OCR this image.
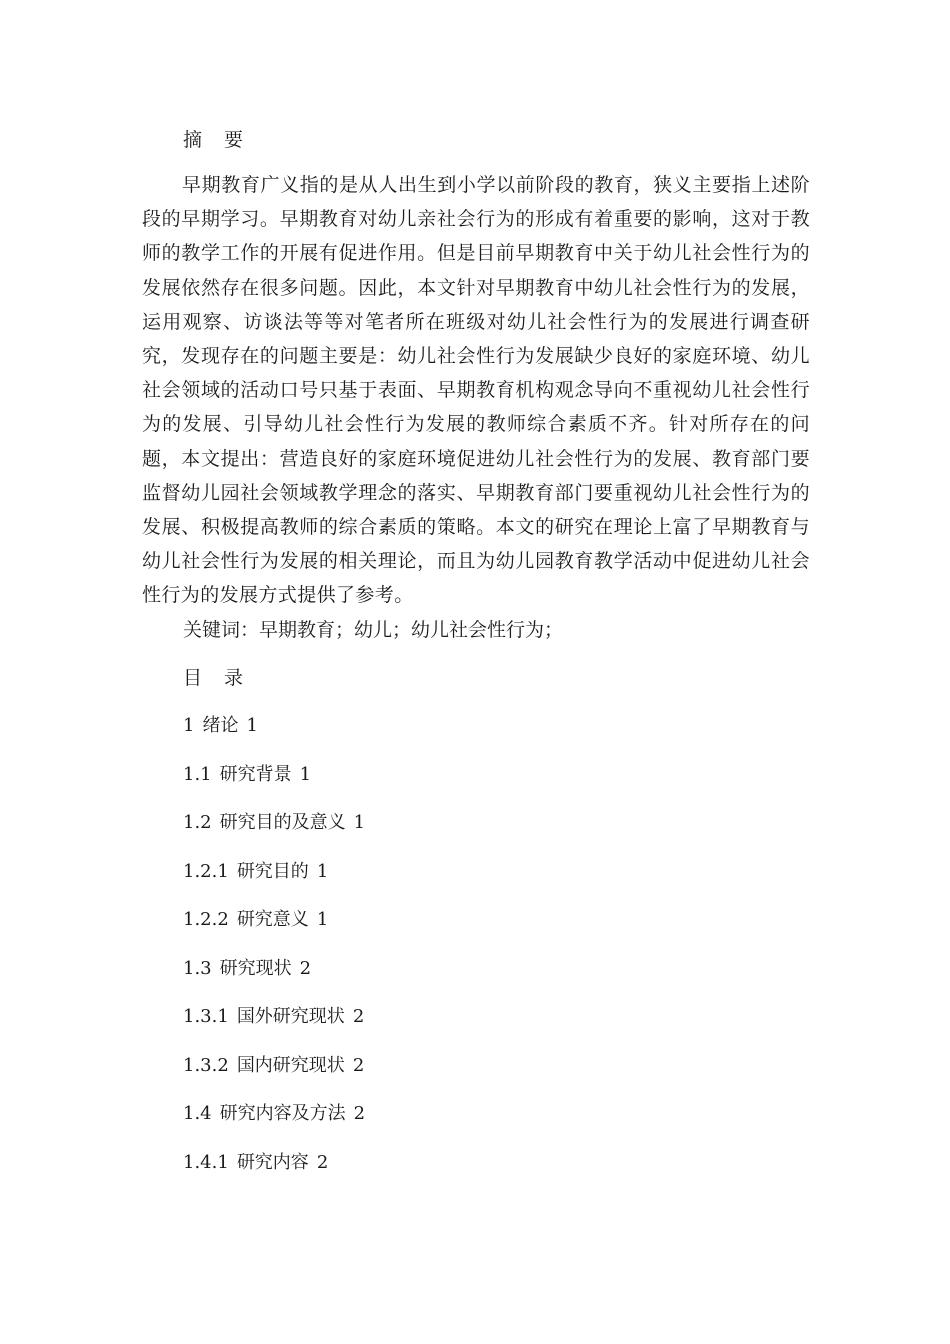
摘 要

早期教育广义指的是从人出生到小学以前阶段的教育，狭义主要指上述阶段的早期学习。早期教育对幼儿亲社会行为的形成有着重要的影响，这对于教师的教学工作的开展有促进作用。但是目前早期教育中关于幼儿社会性行为的发展依然存在很多问题。因此，本文针对早期教育中幼儿社会性行为的发展，运用观察、访谈法等等对笔者所在班级对幼儿社会性行为的发展进行调查研究，发现存在的问题主要是：幼儿社会性行为发展缺少良好的家庭环境、幼儿社会领域的活动口号只基于表面、早期教育机构观念导向不重视幼儿社会性行为的发展、引导幼儿社会性行为发展的教师综合素质不齐。针对所存在的问题，本文提出：营造良好的家庭环境促进幼儿社会性行为的发展、教育部门要监督幼儿园社会领域教学理念的落实、早期教育部门要重视幼儿社会性行为的发展、积极提高教师的综合素质的策略。本文的研究在理论上富了早期教育与幼儿社会性行为发展的相关理论，而且为幼儿园教育教学活动中促进幼儿社会性行为的发展方式提供了参考。

关键词：早期教育；幼儿；幼儿社会性行为；

目 录
1 绪论 1
1.1 研究背景 1
1.2 研究目的及意义 1
1.2.1 研究目的 1
1.2.2 研究意义 1
1.3 研究现状 2
1.3.1 国外研究现状 2
1.3.2 国内研究现状 2
1.4 研究内容及方法 2
1.4.1 研究内容 2
